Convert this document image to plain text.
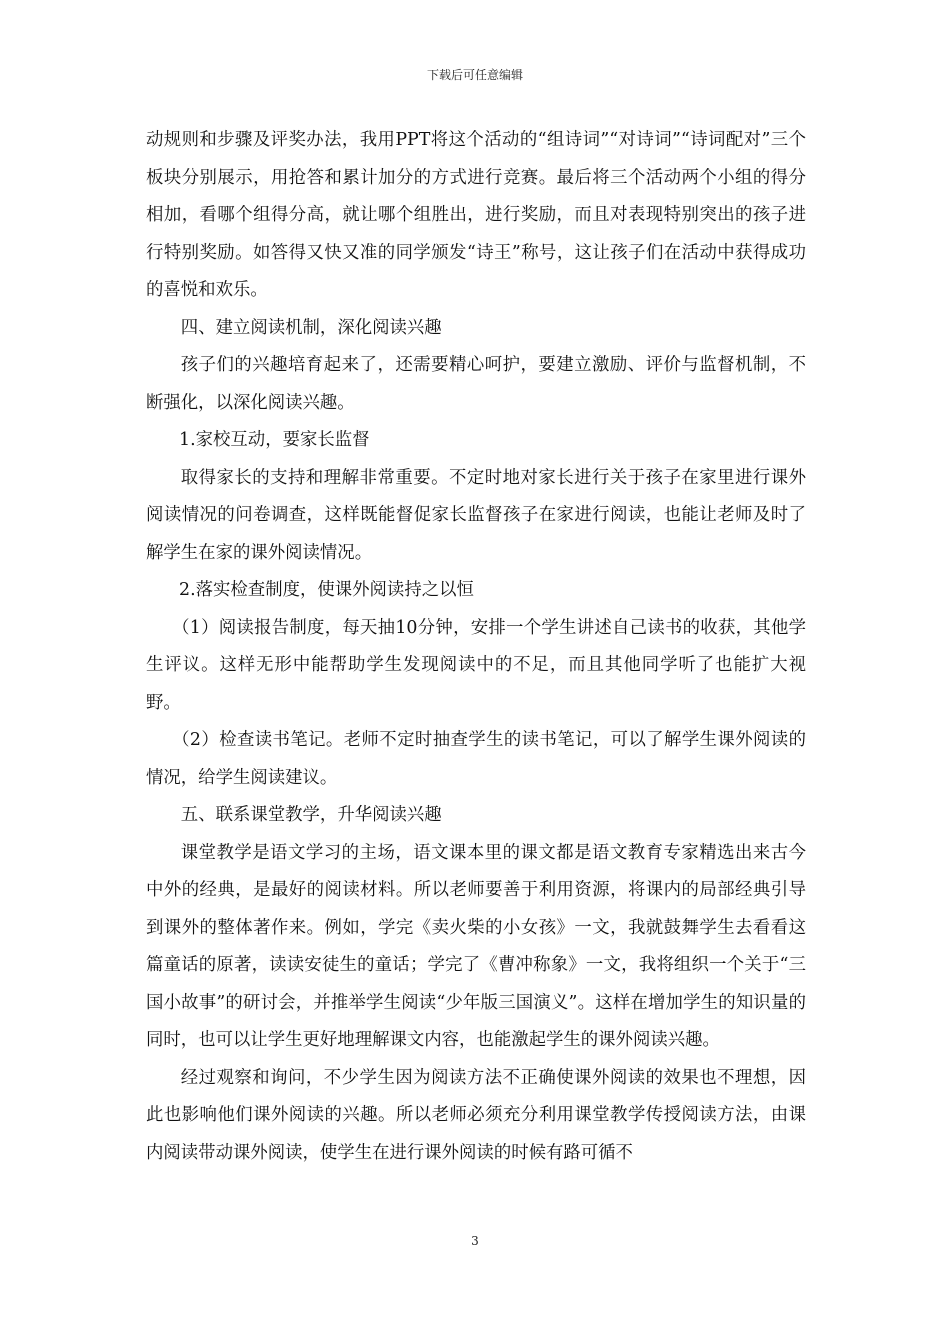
下载后可任意编辑

动规则和步骤及评奖办法，我用PPT将这个活动的“组诗词”“对诗词”“诗词配对”三个板块分别展示，用抢答和累计加分的方式进行竞赛。最后将三个活动两个小组的得分相加，看哪个组得分高，就让哪个组胜出，进行奖励，而且对表现特别突出的孩子进行特别奖励。如答得又快又准的同学颁发“诗王”称号，这让孩子们在活动中获得成功的喜悦和欢乐。

四、建立阅读机制，深化阅读兴趣

孩子们的兴趣培育起来了，还需要精心呵护，要建立激励、评价与监督机制，不断强化，以深化阅读兴趣。

1.家校互动，要家长监督

取得家长的支持和理解非常重要。不定时地对家长进行关于孩子在家里进行课外阅读情况的问卷调查，这样既能督促家长监督孩子在家进行阅读，也能让老师及时了解学生在家的课外阅读情况。

2.落实检查制度，使课外阅读持之以恒

（1）阅读报告制度，每天抽10分钟，安排一个学生讲述自己读书的收获，其他学生评议。这样无形中能帮助学生发现阅读中的不足，而且其他同学听了也能扩大视野。

（2）检查读书笔记。老师不定时抽查学生的读书笔记，可以了解学生课外阅读的情况，给学生阅读建议。

五、联系课堂教学，升华阅读兴趣

课堂教学是语文学习的主场，语文课本里的课文都是语文教育专家精选出来古今中外的经典，是最好的阅读材料。所以老师要善于利用资源，将课内的局部经典引导到课外的整体著作来。例如，学完《卖火柴的小女孩》一文，我就鼓舞学生去看看这篇童话的原著，读读安徒生的童话；学完了《曹冲称象》一文，我将组织一个关于“三国小故事”的研讨会，并推举学生阅读“少年版三国演义”。这样在增加学生的知识量的同时，也可以让学生更好地理解课文内容，也能激起学生的课外阅读兴趣。

经过观察和询问，不少学生因为阅读方法不正确使课外阅读的效果也不理想，因此也影响他们课外阅读的兴趣。所以老师必须充分利用课堂教学传授阅读方法，由课内阅读带动课外阅读，使学生在进行课外阅读的时候有路可循不

3
